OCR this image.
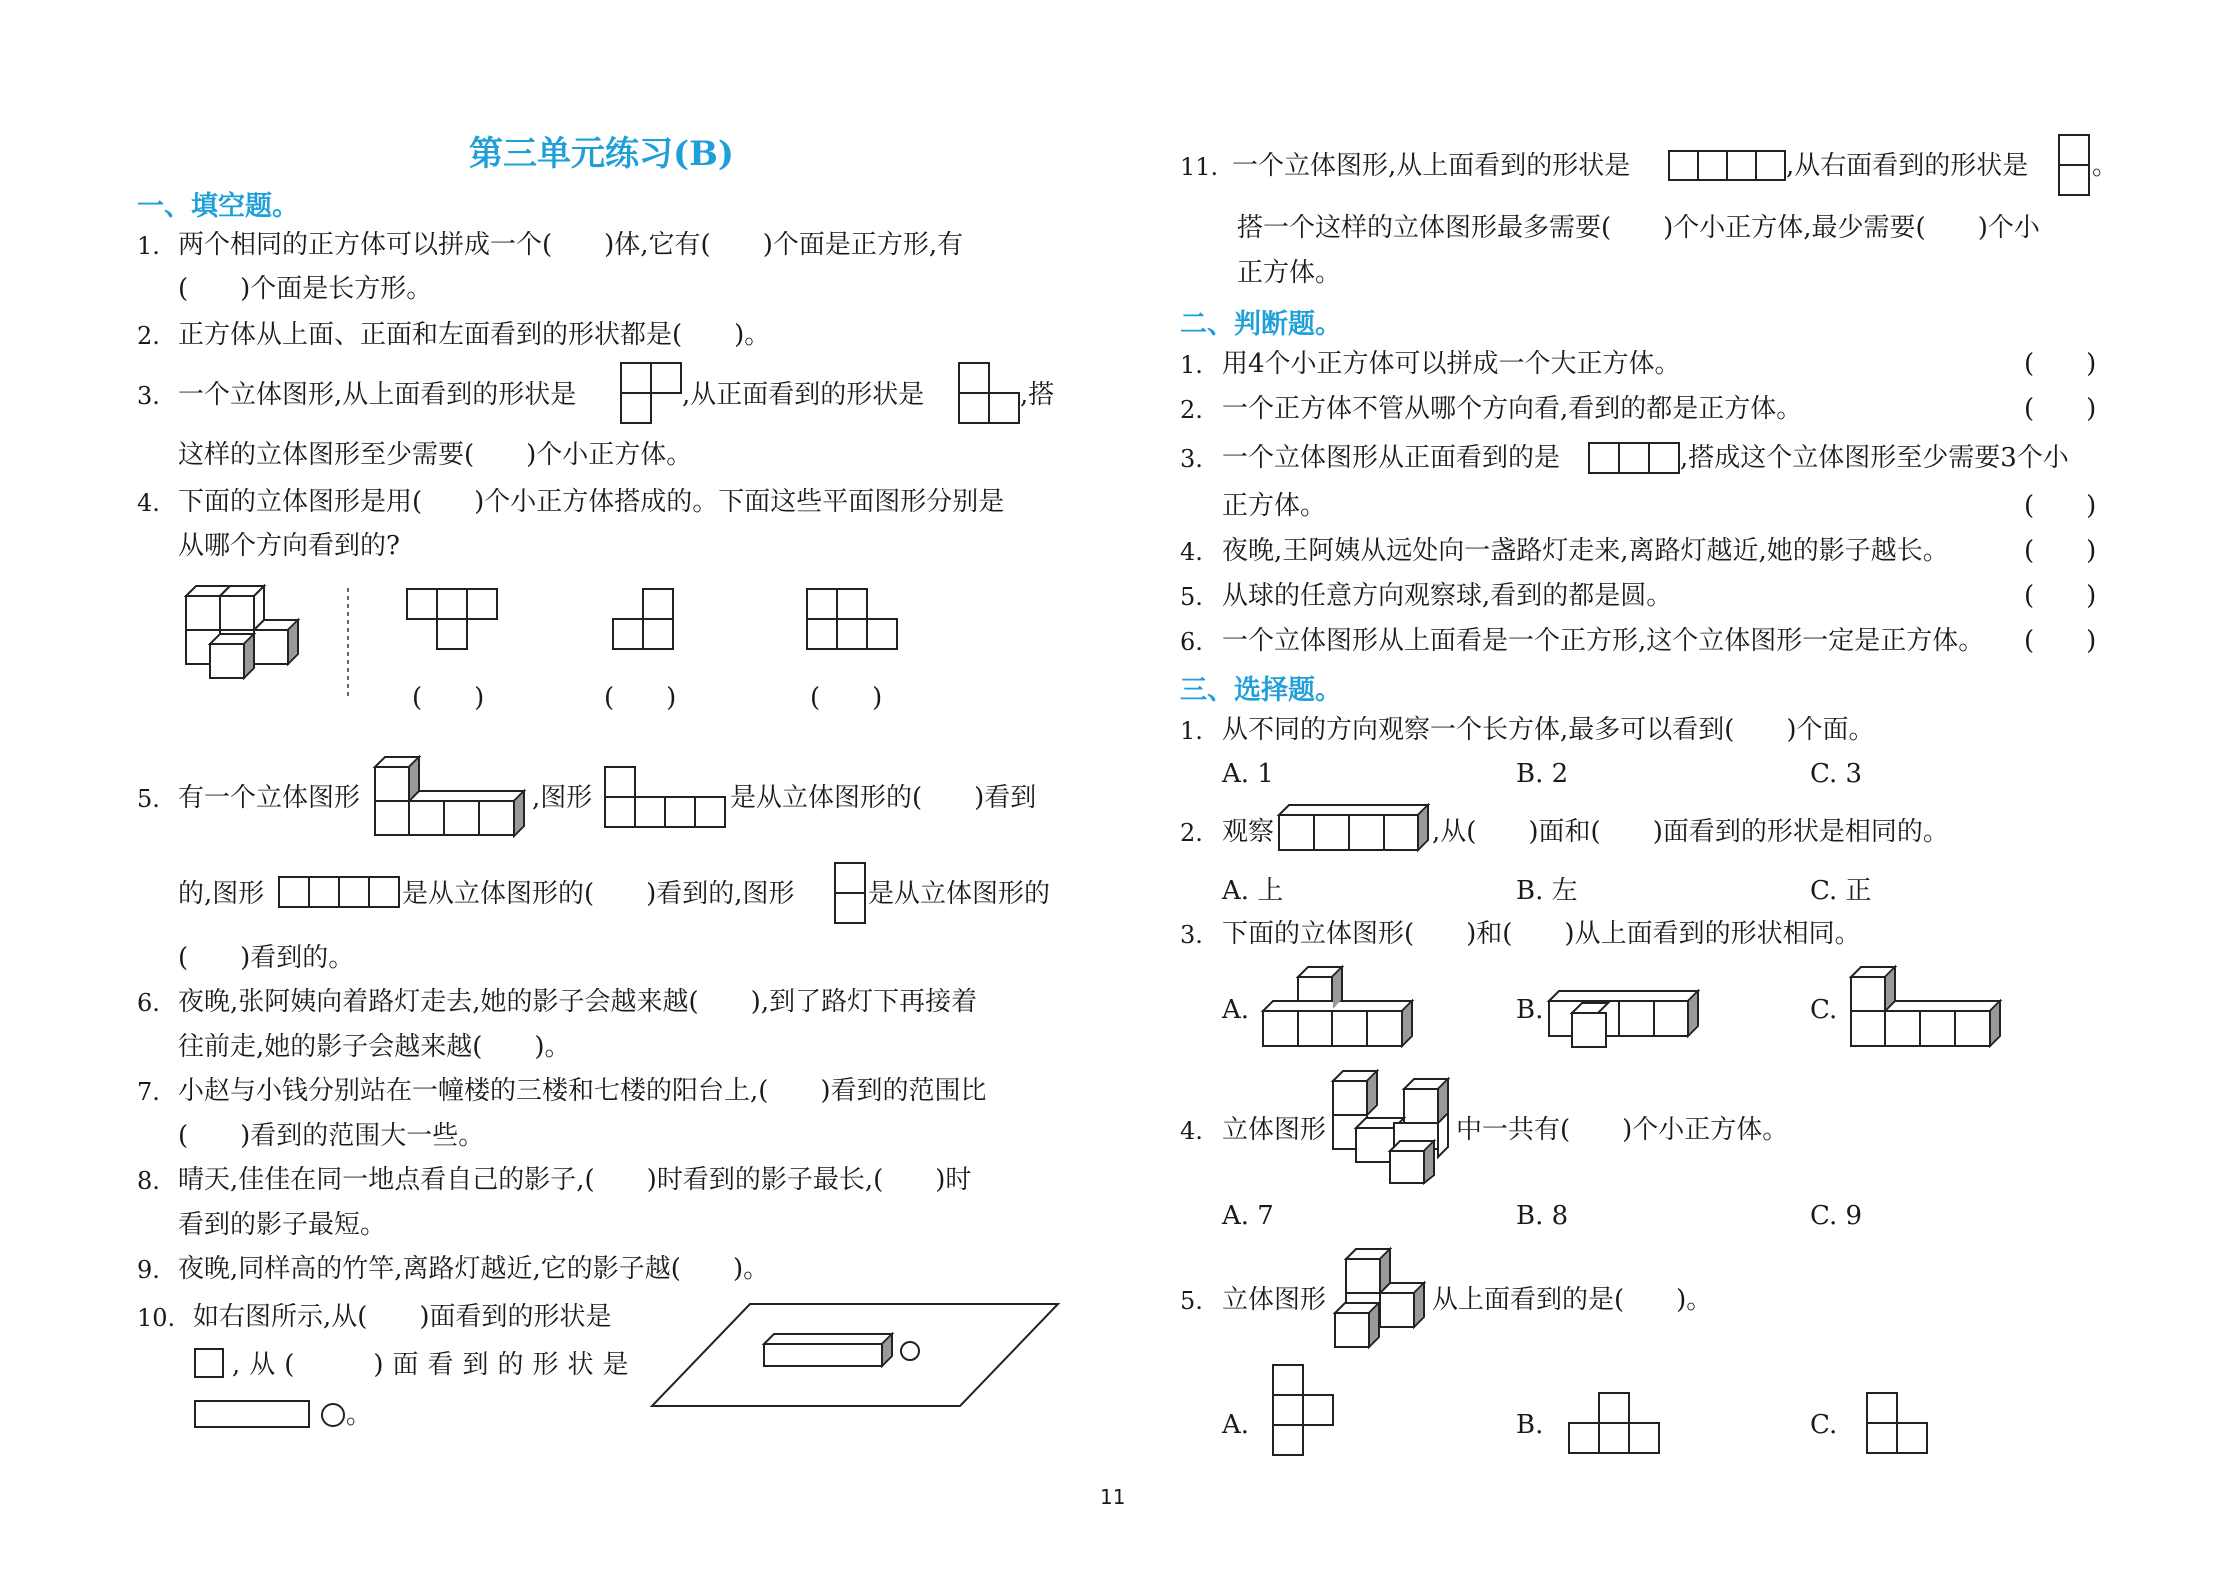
第三单元练习(B)
一、填空题。
1. 两个相同的正方体可以拼成一个(　　)体,它有(　　)个面是正方形,有
(　　)个面是长方形。
2. 正方体从上面、正面和左面看到的形状都是(　　)。
3. 一个立体图形,从上面看到的形状是	,从正面看到的形状是	,搭
这样的立体图形至少需要(　　)个小正方体。
4. 下面的立体图形是用(　　)个小正方体搭成的。下面这些平面图形分别是
从哪个方向看到的?
(　　)	(　　)	(　　)
5. 有一个立体图形	,图形	是从立体图形的(　　)看到
的,图形	是从立体图形的(　　)看到的,图形	是从立体图形的
(　　)看到的。
6. 夜晚,张阿姨向着路灯走去,她的影子会越来越(　　),到了路灯下再接着
往前走,她的影子会越来越(　　)。
7. 小赵与小钱分别站在一幢楼的三楼和七楼的阳台上,(　　)看到的范围比
(　　)看到的范围大一些。
8. 晴天,佳佳在同一地点看自己的影子,(　　)时看到的影子最长,(　　)时
看到的影子最短。
9. 夜晚,同样高的竹竿,离路灯越近,它的影子越(　　)。
10. 如右图所示,从(　　)面看到的形状是
,从(　　)面看到的形状是
。
11. 一个立体图形,从上面看到的形状是	,从右面看到的形状是 。
搭一个这样的立体图形最多需要(　　)个小正方体,最少需要(　　)个小
正方体。
二、判断题。
1. 用4个小正方体可以拼成一个大正方体。	(　　)
2. 一个正方体不管从哪个方向看,看到的都是正方体。	(　　)
3. 一个立体图形从正面看到的是	,搭成这个立体图形至少需要3个小
正方体。	(　　)
4. 夜晚,王阿姨从远处向一盏路灯走来,离路灯越近,她的影子越长。	(　　)
5. 从球的任意方向观察球,看到的都是圆。	(　　)
6. 一个立体图形从上面看是一个正方形,这个立体图形一定是正方体。 (　　)
三、选择题。
1. 从不同的方向观察一个长方体,最多可以看到(　　)个面。
A. 1	B. 2	C. 3
2. 观察	,从(　　)面和(　　)面看到的形状是相同的。
A. 上	B. 左	C. 正
3. 下面的立体图形(　　)和(　　)从上面看到的形状相同。
A.	B.	C.
4. 立体图形	中一共有(　　)个小正方体。
A. 7	B. 8	C. 9
5. 立体图形	从上面看到的是(　　)。
A.	B.	C.
11
